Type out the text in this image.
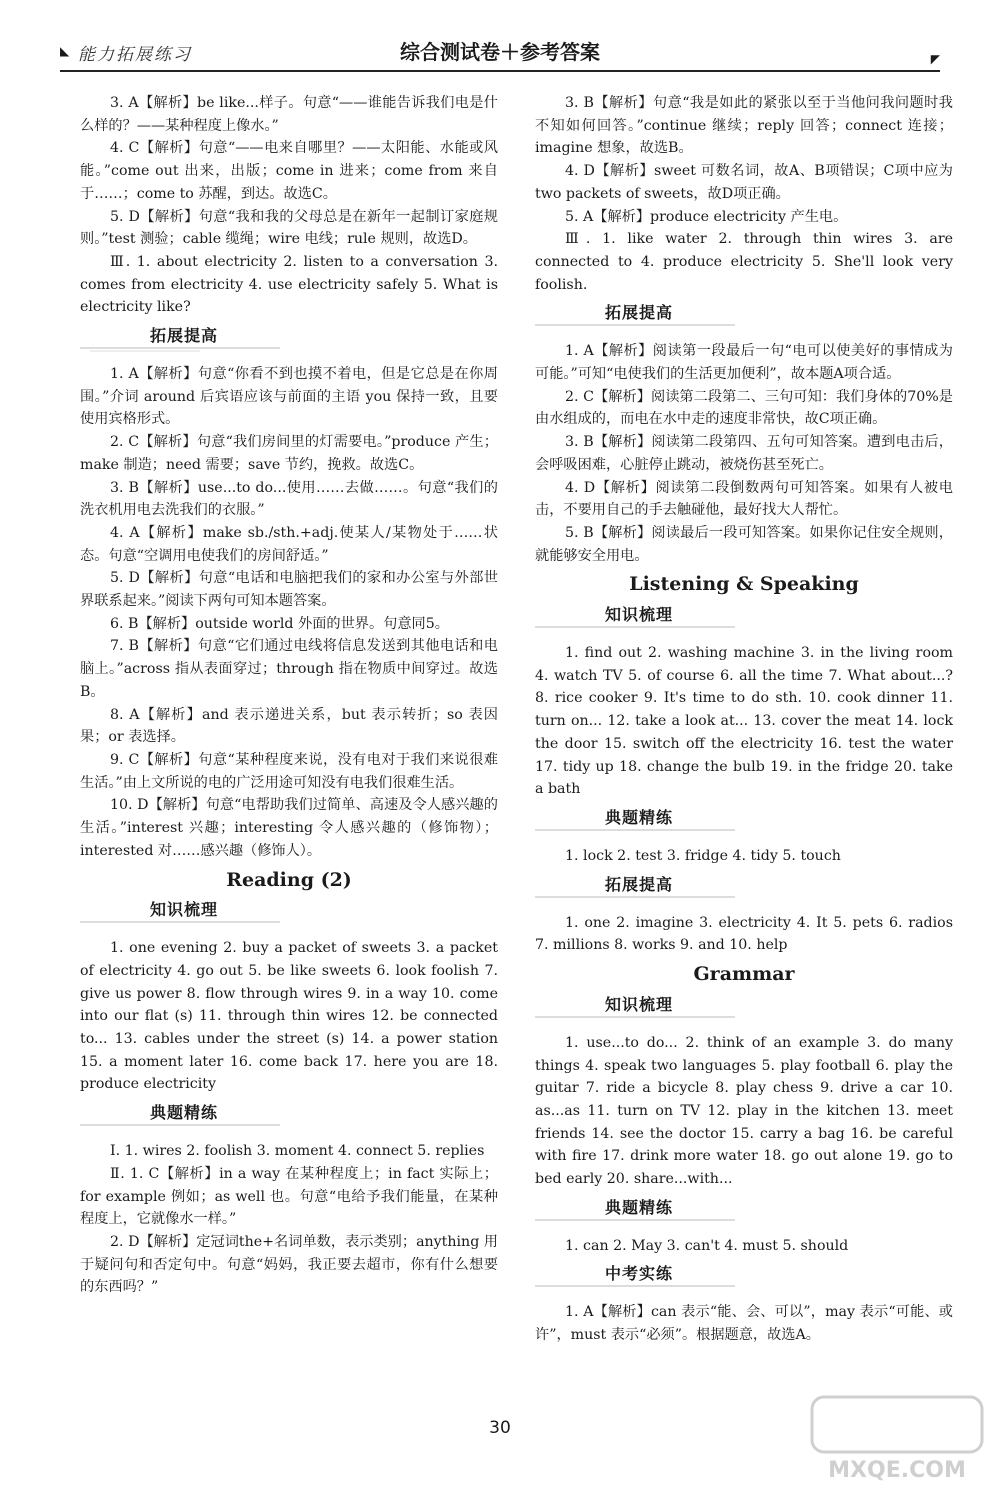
◣ 能力拓展练习	综合测试卷＋参考答案	◤

3. A【解析】be like...样子。句意“——谁能告诉我们电是什么样的？——某种程度上像水。”

4. C【解析】句意“——电来自哪里？——太阳能、水能或风能。”come out 出来，出版；come in 进来；come from 来自于……；come to 苏醒，到达。故选C。

5. D【解析】句意“我和我的父母总是在新年一起制订家庭规则。”test 测验；cable 缆绳；wire 电线；rule 规则，故选D。

Ⅲ. 1. about electricity 2. listen to a conversation 3. comes from electricity 4. use electricity safely 5. What is electricity like?

拓展提高

1. A【解析】句意“你看不到也摸不着电，但是它总是在你周围。”介词 around 后宾语应该与前面的主语 you 保持一致，且要使用宾格形式。

2. C【解析】句意“我们房间里的灯需要电。”produce 产生；make 制造；need 需要；save 节约，挽救。故选C。

3. B【解析】use...to do...使用……去做……。句意“我们的洗衣机用电去洗我们的衣服。”

4. A【解析】make sb./sth.+adj.使某人/某物处于……状态。句意“空调用电使我们的房间舒适。”

5. D【解析】句意“电话和电脑把我们的家和办公室与外部世界联系起来。”阅读下两句可知本题答案。

6. B【解析】outside world 外面的世界。句意同5。

7. B【解析】句意“它们通过电线将信息发送到其他电话和电脑上。”across 指从表面穿过；through 指在物质中间穿过。故选B。

8. A【解析】and 表示递进关系，but 表示转折；so 表因果；or 表选择。

9. C【解析】句意“某种程度来说，没有电对于我们来说很难生活。”由上文所说的电的广泛用途可知没有电我们很难生活。

10. D【解析】句意“电帮助我们过简单、高速及令人感兴趣的生活。”interest 兴趣；interesting 令人感兴趣的（修饰物）；interested 对……感兴趣（修饰人）。

Reading (2)
知识梳理

1. one evening 2. buy a packet of sweets 3. a packet of electricity 4. go out 5. be like sweets 6. look foolish 7. give us power 8. flow through wires 9. in a way 10. come into our flat (s) 11. through thin wires 12. be connected to... 13. cables under the street (s) 14. a power station 15. a moment later 16. come back 17. here you are 18. produce electricity

典题精练

Ⅰ. 1. wires 2. foolish 3. moment 4. connect 5. replies

Ⅱ. 1. C【解析】in a way 在某种程度上；in fact 实际上；for example 例如；as well 也。句意“电给予我们能量，在某种程度上，它就像水一样。”

2. D【解析】定冠词the+名词单数，表示类别；anything 用于疑问句和否定句中。句意“妈妈，我正要去超市，你有什么想要的东西吗？”

3. B【解析】句意“我是如此的紧张以至于当他问我问题时我不知如何回答。”continue 继续；reply 回答；connect 连接；imagine 想象，故选B。

4. D【解析】sweet 可数名词，故A、B项错误；C项中应为 two packets of sweets，故D项正确。

5. A【解析】produce electricity 产生电。

Ⅲ. 1. like water 2. through thin wires 3. are connected to 4. produce electricity 5. She'll look very foolish.

拓展提高

1. A【解析】阅读第一段最后一句“电可以使美好的事情成为可能。”可知“电使我们的生活更加便利”，故本题A项合适。

2. C【解析】阅读第二段第二、三句可知：我们身体的70%是由水组成的，而电在水中走的速度非常快，故C项正确。

3. B【解析】阅读第二段第四、五句可知答案。遭到电击后，会呼吸困难，心脏停止跳动，被烧伤甚至死亡。

4. D【解析】阅读第二段倒数两句可知答案。如果有人被电击，不要用自己的手去触碰他，最好找大人帮忙。

5. B【解析】阅读最后一段可知答案。如果你记住安全规则，就能够安全用电。

Listening & Speaking
知识梳理

1. find out 2. washing machine 3. in the living room 4. watch TV 5. of course 6. all the time 7. What about...? 8. rice cooker 9. It's time to do sth. 10. cook dinner 11. turn on... 12. take a look at... 13. cover the meat 14. lock the door 15. switch off the electricity 16. test the water 17. tidy up 18. change the bulb 19. in the fridge 20. take a bath

典题精练

1. lock 2. test 3. fridge 4. tidy 5. touch

拓展提高

1. one 2. imagine 3. electricity 4. It 5. pets 6. radios 7. millions 8. works 9. and 10. help

Grammar
知识梳理

1. use...to do... 2. think of an example 3. do many things 4. speak two languages 5. play football 6. play the guitar 7. ride a bicycle 8. play chess 9. drive a car 10. as...as 11. turn on TV 12. play in the kitchen 13. meet friends 14. see the doctor 15. carry a bag 16. be careful with fire 17. drink more water 18. go out alone 19. go to bed early 20. share...with...

典题精练

1. can 2. May 3. can't 4. must 5. should

中考实练

1. A【解析】can 表示“能、会、可以”，may 表示“可能、或许”，must 表示“必须”。根据题意，故选A。

30
MXQE.COM
